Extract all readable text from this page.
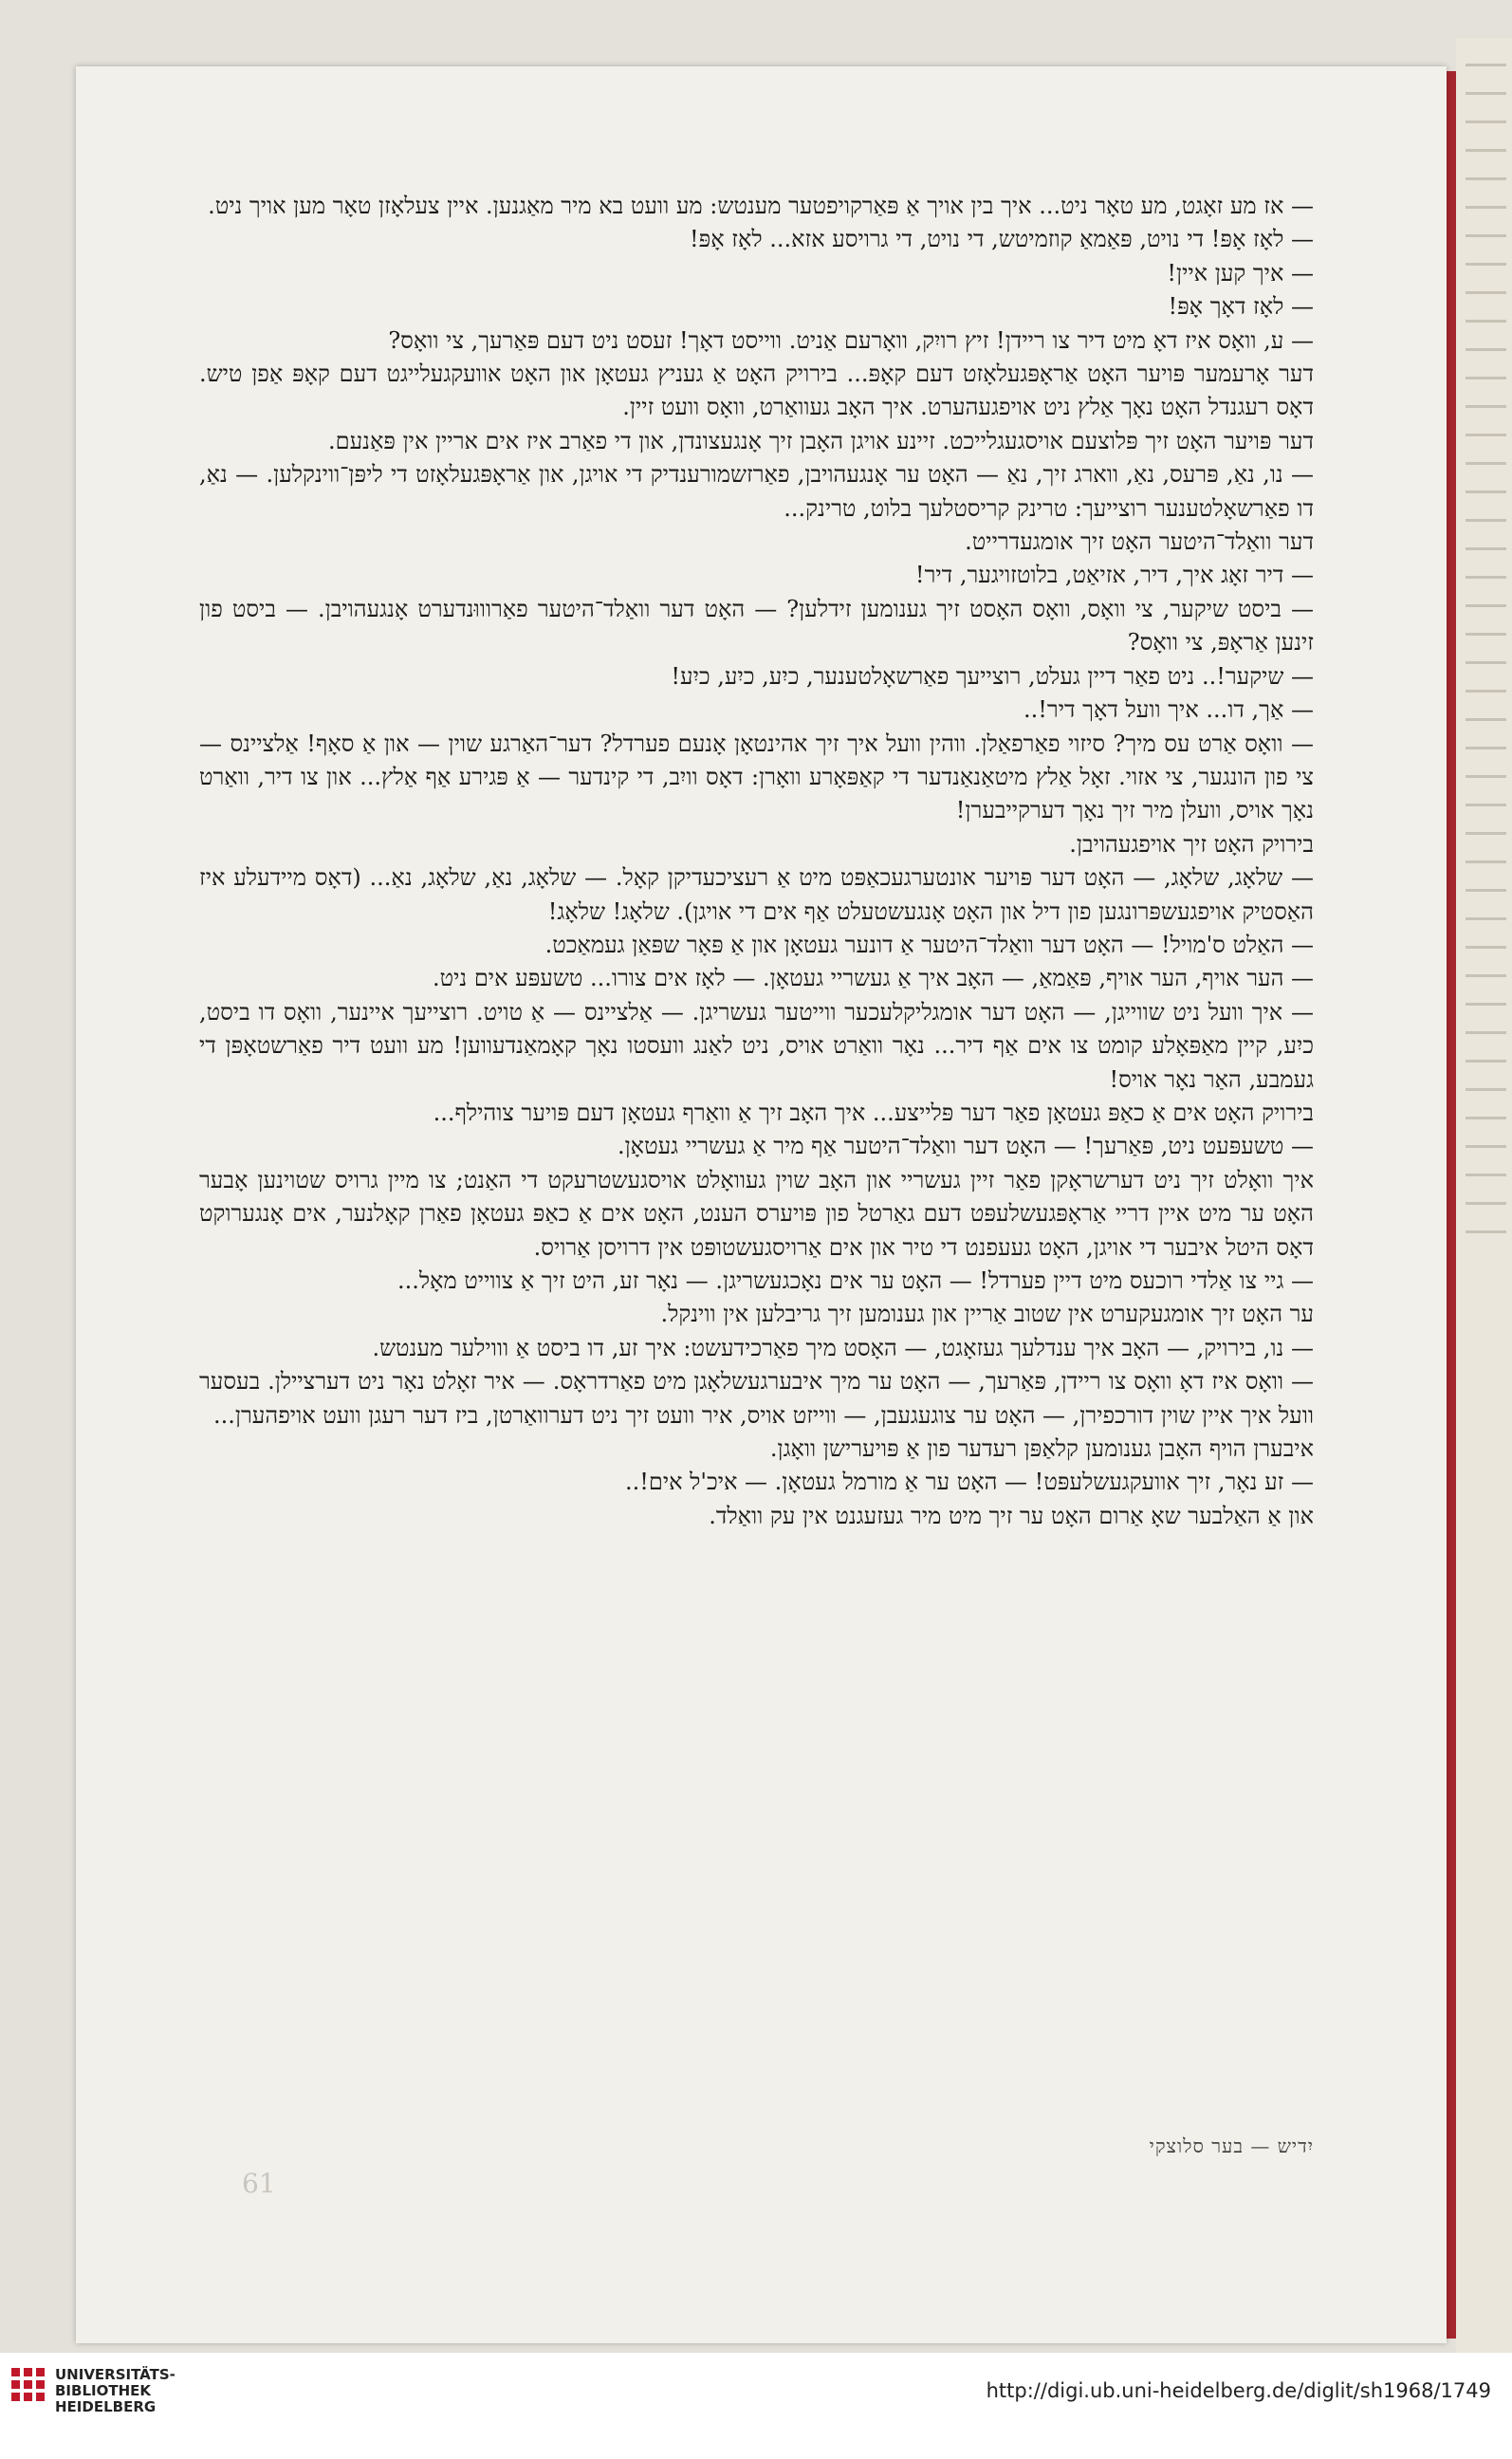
— אז מע זאָגט, מע טאָר ניט... איך בין אויך אַ פּאַרקויפטער מענטש: מע וועט בא מיר מאַגנען. איין צעלאָזן טאָר מען אויך ניט.

— לאָז אָפּ! די נויט, פּאַמאַ קוזמיטש, די נויט, די גרויסע אזא... לאָז אָפּ!

— איך קען איין!

— לאָז דאָך אָפּ!

— ע, וואָס איז דאָ מיט דיר צו ריידן! זיץ רויִק, וואָרעם אַניט. ווייסט דאָך! זעסט ניט דעם פּאַרעך, צי וואָס?

דער אָרעמער פּויער האָט אַראָפּגעלאָזט דעם קאָפּ... בירויק האָט אַ געניץ געטאָן און האָט אוועקגעלייגט דעם קאָפּ אַפן טיש. דאָס רעגנדל האָט נאָך אַלץ ניט אויפגעהערט. איך האָב געוואַרט, וואָס וועט זיין.

דער פּויער האָט זיך פּלוצעם אויסגעגלייכט. זיינע אויגן האָבן זיך אָנגעצונדן, און די פאַרב איז אים אריין אין פּאַנעם.

— נו, נאַ, פּרעס, נאַ, ווארג זיך, נאַ — האָט ער אָנגעהויבן, פאַרזשמורענדיק די אויגן, און אַראָפּגעלאָזט די ליפּן־ווינקלען. — נאַ, דו פאַרשאָלטענער רוצייעך: טרינק קריסטלעך בלוט, טרינק...

דער וואַלד־היטער האָט זיך אומגעדרייט.

— דיר זאָג איך, דיר, אזיאַט, בלוטזויגער, דיר!

— ביסט שיקער, צי וואָס, וואָס האָסט זיך גענומען זידלען? — האָט דער וואַלד־היטער פאַרוווּנדערט אָנגעהויבן. — ביסט פון זינען אַראָפּ, צי וואָס?

— שיקער!.. ניט פאַר דיין געלט, רוצייעך פאַרשאָלטענער, כיִע, כיִע, כיִע!

— אַך, דו... איך וועל דאָך דיר!..

— וואָס אַרט עס מיך? סיזוי פאַרפאַלן. ווהין וועל איך זיך אהינטאָן אָנעם פערדל? דער־האַרגע שוין — און אַ סאָף! אַלציינס — צי פון הונגער, צי אזוי. זאָל אַלץ מיטאַנאַנדער די קאַפּאָרע וואָרן: דאָס וויִב, די קינדער — אַ פּגירע אַף אַלץ... און צו דיר, וואַרט נאָך אויס, וועלן מיר זיך נאָך דערקייבערן!

בירויק האָט זיך אויפגעהויבן.

— שלאָג, שלאָג, — האָט דער פּויער אונטערגעכאַפּט מיט אַ רעציכעדיקן קאָל. — שלאָג, נאַ, שלאָג, נאַ... (דאָס מיידעלע איז האַסטיק אויפגעשפּרונגען פון דיל און האָט אָנגעשטעלט אַף אים די אויגן). שלאָג! שלאָג!

— האַלט ס'מויל! — האָט דער וואַלד־היטער אַ דונער געטאָן און אַ פּאָר שפּאַן געמאַכט.

— הער אויף, הער אויף, פּאַמאַ, — האָב איך אַ געשריי געטאָן. — לאָז אים צורו... טשעפּע אים ניט.

— איך וועל ניט שווייגן, — האָט דער אומגליקלעכער ווייטער געשריגן. — אַלציינס — אַ טויט. רוצייעך איינער, וואָס דו ביסט, כיִע, קיין מאַפּאָלע קומט צו אים אַף דיר... נאָר וואַרט אויס, ניט לאַנג וועסטו נאָך קאָמאַנדעווען! מע וועט דיר פאַרשטאָפּן די געמבע, האַר נאָר אויס!

בירויק האָט אים אַ כאַפּ געטאָן פאַר דער פּלייצע... איך האָב זיך אַ וואַרף געטאָן דעם פּויער צוהילף...

— טשעפּעט ניט, פּאַרעך! — האָט דער וואַלד־היטער אַף מיר אַ געשריי געטאָן.

איך וואָלט זיך ניט דערשראָקן פאַר זיין געשריי און האָב שוין געוואָלט אויסגעשטרעקט די האַנט; צו מיין גרויס שטוינען אָבער האָט ער מיט איין דריי אַראָפּגעשלעפּט דעם גאַרטל פון פּויערס הענט, האָט אים אַ כאַפּ געטאָן פאַרן קאָלנער, אים אָנגערוקט דאָס היטל איבער די אויגן, האָט געעפנט די טיר און אים אַרויסגעשטופּט אין דרויסן אַרויס.

— גיי צו אַלדי רוכעס מיט דיין פערדל! — האָט ער אים נאָכגעשריגן. — נאָר זע, היט זיך אַ צווייט מאָל...

ער האָט זיך אומגעקערט אין שטוב אַריין און גענומען זיך גריבלען אין ווינקל.

— נו, בירויק, — האָב איך ענדלעך געזאָגט, — האָסט מיך פאַרכידעשט: איך זע, דו ביסט אַ וווילער מענטש.

— וואָס איז דאָ וואָס צו ריידן, פּאַרעך, — האָט ער מיך איבערגעשלאָגן מיט פאַרדראָס. — איר זאָלט נאָר ניט דערציילן. בעסער וועל איך איין שוין דורכפירן, — האָט ער צוגעגעבן, — ווייזט אויס, איר וועט זיך ניט דערוואַרטן, ביז דער רעגן וועט אויפהערן...

איבערן הויף האָבן גענומען קלאַפּן רעדער פון אַ פּויערישן וואָגן.

— זע נאָר, זיך אוועקגעשלעפּט! — האָט ער אַ מורמל געטאָן. — איכ'ל אים!..

און אַ האַלבער שאָ אַרום האָט ער זיך מיט מיר געזעגנט אין עק וואַלד.

יִדיש — בער סלוצקי
61
UNIVERSITÄTS-
BIBLIOTHEK
HEIDELBERG
http://digi.ub.uni-heidelberg.de/diglit/sh1968/1749
